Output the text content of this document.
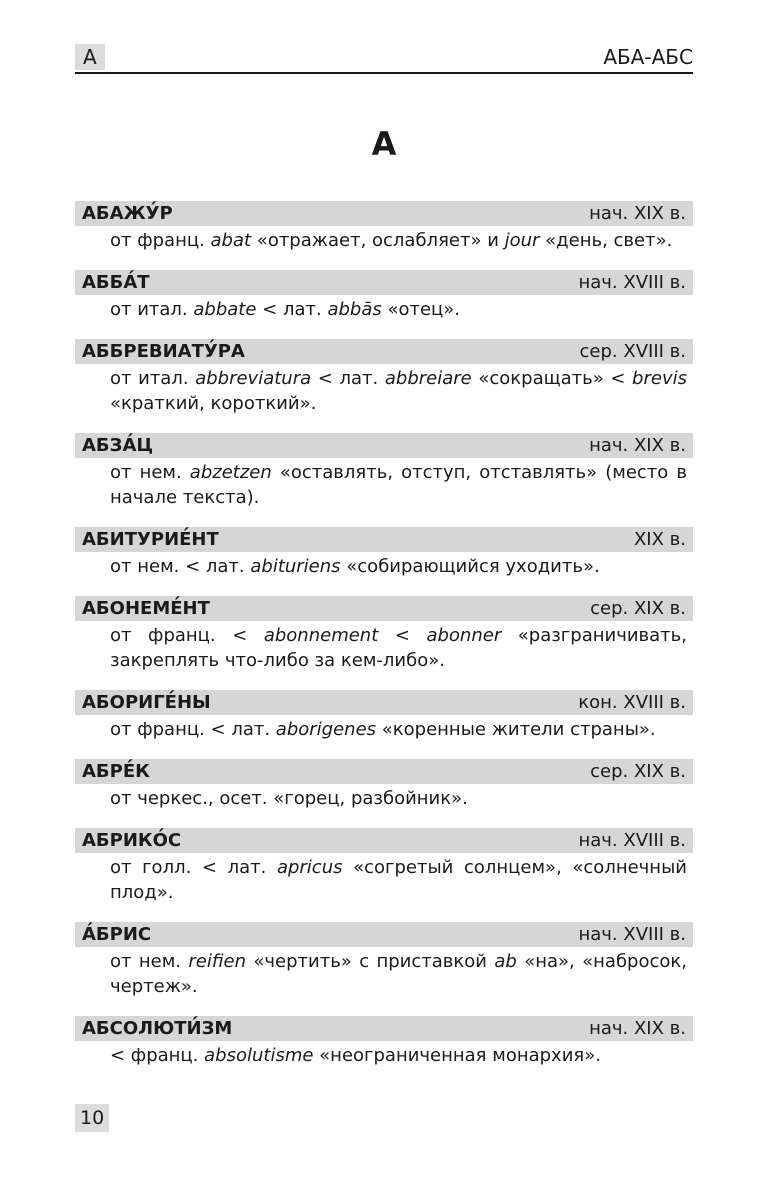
А	АБА-АБС
А
АБАЖУ́Р	нач. XIX в.
от франц. abat «отражает, ослабляет» и jour «день, свет».
АББА́Т	нач. XVIII в.
от итал. abbate < лат. abbās «отец».
АББРЕВИАТУ́РА	сер. XVIII в.
от итал. abbreviatura < лат. abbreiare «сокращать» < brevis «краткий, короткий».
АБЗА́Ц	нач. XIX в.
от нем. abzetzen «оставлять, отступ, отставлять» (место в начале текста).
АБИТУРИЕ́НТ	XIX в.
от нем. < лат. abituriens «собирающийся уходить».
АБОНЕМЕ́НТ	сер. XIX в.
от франц. < abonnement < abonner «разграничивать, закреплять что-либо за кем-либо».
АБОРИГЕ́НЫ	кон. XVIII в.
от франц. < лат. aborigenes «коренные жители страны».
АБРЕ́К	сер. XIX в.
от черкес., осет. «горец, разбойник».
АБРИКО́С	нач. XVIII в.
от голл. < лат. apricus «согретый солнцем», «солнечный плод».
А́БРИС	нач. XVIII в.
от нем. reifien «чертить» с приставкой ab «на», «набросок, чертеж».
АБСОЛЮТИ́ЗМ	нач. XIX в.
< франц. absolutisme «неограниченная монархия».
10
